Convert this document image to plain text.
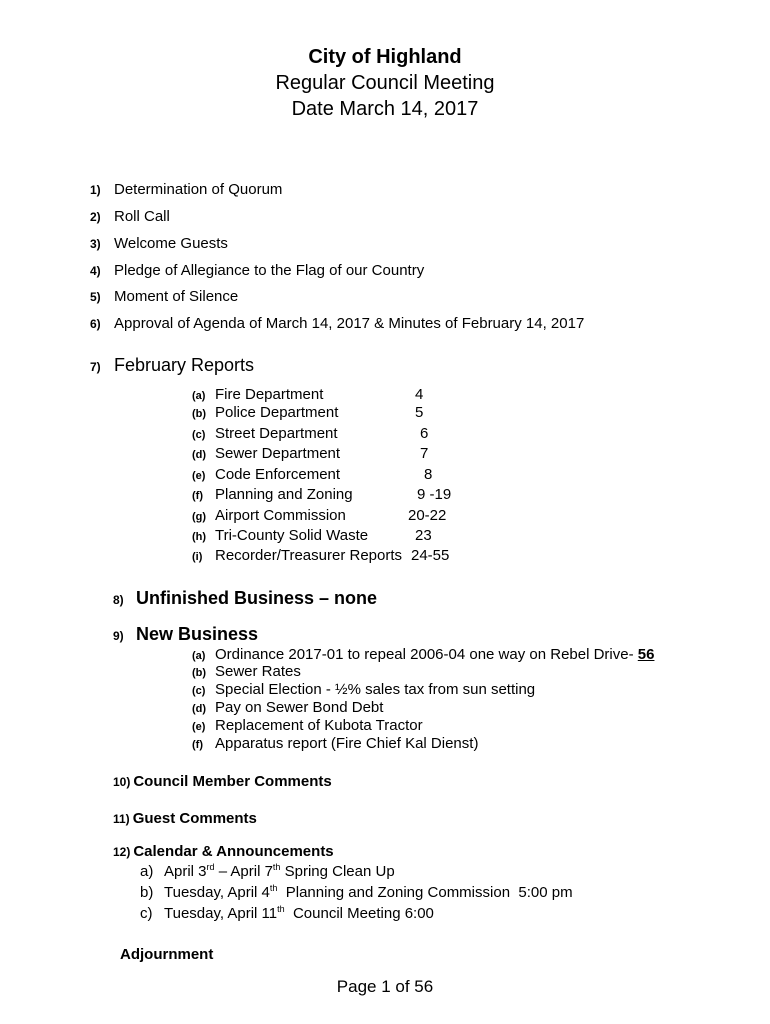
City of Highland
Regular Council Meeting
Date March 14, 2017
1) Determination of Quorum
2) Roll Call
3) Welcome Guests
4) Pledge of Allegiance to the Flag of our Country
5) Moment of Silence
6) Approval of Agenda of March 14, 2017 & Minutes of February 14, 2017
7) February Reports
(a) Fire Department	4
(b) Police Department	5
(c) Street Department	6
(d) Sewer Department	7
(e) Code Enforcement	8
(f) Planning and Zoning	9 -19
(g) Airport Commission	20-22
(h) Tri-County Solid Waste	23
(i) Recorder/Treasurer Reports 24-55
8) Unfinished Business – none
9) New Business
(a) Ordinance 2017-01 to repeal 2006-04 one way on Rebel Drive- 56
(b) Sewer Rates
(c) Special Election - ½% sales tax from sun setting
(d) Pay on Sewer Bond Debt
(e) Replacement of Kubota Tractor
(f) Apparatus report (Fire Chief Kal Dienst)
10) Council Member Comments
11) Guest Comments
12) Calendar & Announcements
a) April 3rd – April 7th Spring Clean Up
b) Tuesday, April 4th  Planning and Zoning Commission  5:00 pm
c) Tuesday, April 11th  Council Meeting 6:00
Adjournment
Page 1 of 56
